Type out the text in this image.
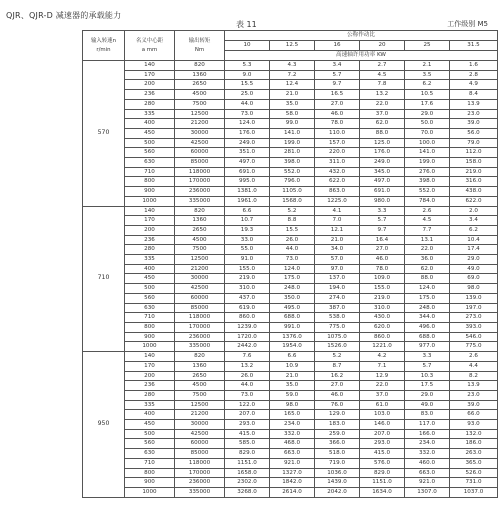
QJR、QJR-D 减速器的承载能力
表 11	工作级别 M5
输入转速n
r/min	名义中心距
a mm	输出转矩
Nm	公称作动比					
			10	12.5	16	20	25	31.5
			高速轴许用功率 KW					
570	140	820	5.3	4.3	3.4	2.7	2.1	1.6
	170	1360	9.0	7.2	5.7	4.5	3.5	2.8
	200	2650	15.5	12.4	9.7	7.8	6.2	4.9
	236	4500	25.0	21.0	16.5	13.2	10.5	8.4
	280	7500	44.0	35.0	27.0	22.0	17.6	13.9
	335	12500	73.0	58.0	46.0	37.0	29.0	23.0
	400	21200	124.0	99.0	78.0	62.0	50.0	39.0
	450	30000	176.0	141.0	110.0	88.0	70.0	56.0
	500	42500	249.0	199.0	157.0	125.0	100.0	79.0
	560	60000	351.0	281.0	220.0	176.0	141.0	112.0
	630	85000	497.0	398.0	311.0	249.0	199.0	158.0
	710	118000	691.0	552.0	432.0	345.0	276.0	219.0
	800	170000	995.0	796.0	622.0	497.0	398.0	316.0
	900	236000	1381.0	1105.0	863.0	691.0	552.0	438.0
	1000	335000	1961.0	1568.0	1225.0	980.0	784.0	622.0
710	140	820	6.6	5.2	4.1	3.3	2.6	2.0
	170	1360	10.7	8.8	7.0	5.7	4.5	3.4
	200	2650	19.3	15.5	12.1	9.7	7.7	6.2
	236	4500	33.0	26.0	21.0	16.4	13.1	10.4
	280	7500	55.0	44.0	34.0	27.0	22.0	17.4
	335	12500	91.0	73.0	57.0	46.0	36.0	29.0
	400	21200	155.0	124.0	97.0	78.0	62.0	49.0
	450	30000	219.0	175.0	137.0	109.0	88.0	69.0
	500	42500	310.0	248.0	194.0	155.0	124.0	98.0
	560	60000	437.0	350.0	274.0	219.0	175.0	139.0
	630	85000	619.0	495.0	387.0	310.0	248.0	197.0
	710	118000	860.0	688.0	538.0	430.0	344.0	273.0
	800	170000	1239.0	991.0	775.0	620.0	496.0	393.0
	900	236000	1720.0	1376.0	1075.0	860.0	688.0	546.0
	1000	335000	2442.0	1954.0	1526.0	1221.0	977.0	775.0
950	140	820	7.6	6.6	5.2	4.2	3.3	2.6
	170	1360	13.2	10.9	8.7	7.1	5.7	4.4
	200	2650	26.0	21.0	16.2	12.9	10.3	8.2
	236	4500	44.0	35.0	27.0	22.0	17.5	13.9
	280	7500	73.0	59.0	46.0	37.0	29.0	23.0
	335	12500	122.0	98.0	76.0	61.0	49.0	39.0
	400	21200	207.0	165.0	129.0	103.0	83.0	66.0
	450	30000	293.0	234.0	183.0	146.0	117.0	93.0
	500	42500	415.0	332.0	259.0	207.0	166.0	132.0
	560	60000	585.0	468.0	366.0	293.0	234.0	186.0
	630	85000	829.0	663.0	518.0	415.0	332.0	263.0
	710	118000	1151.0	921.0	719.0	576.0	460.0	365.0
	800	170000	1658.0	1327.0	1036.0	829.0	663.0	526.0
	900	236000	2302.0	1842.0	1439.0	1151.0	921.0	731.0
	1000	335000	3268.0	2614.0	2042.0	1634.0	1307.0	1037.0
